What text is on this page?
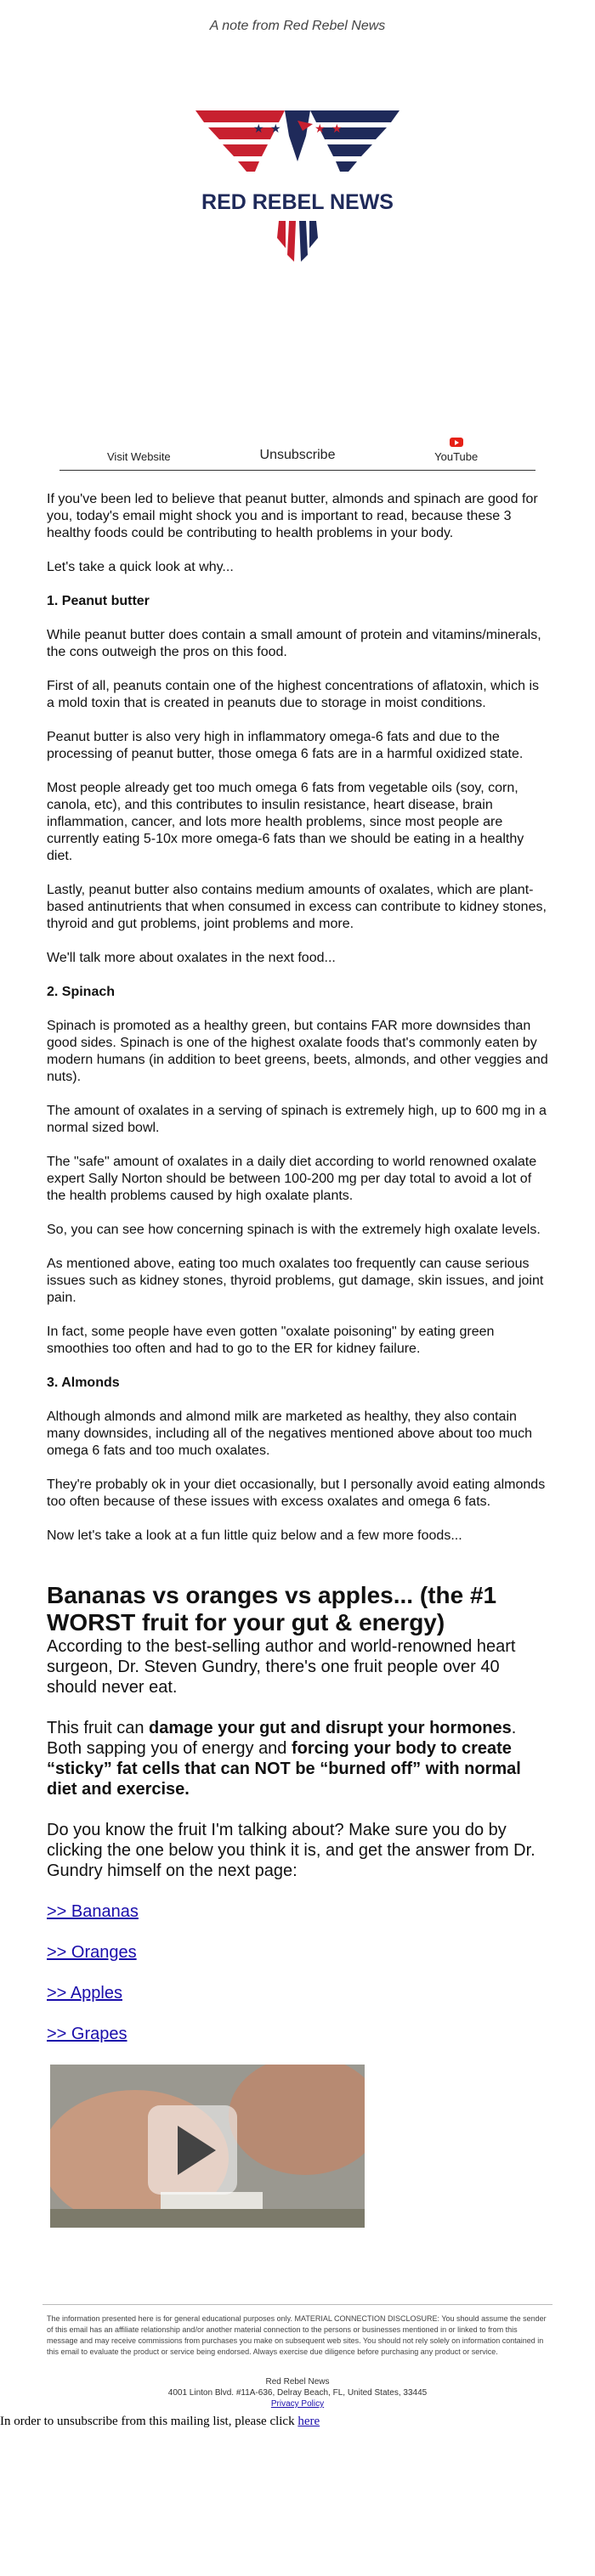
A note from Red Rebel News
★ ★	★ ★
RED REBEL NEWS
Visit Website	Unsubscribe	YouTube

If you've been led to believe that peanut butter, almonds and spinach are good for you, today's email might shock you and is important to read, because these 3 healthy foods could be contributing to health problems in your body.

Let's take a quick look at why...

1. Peanut butter

While peanut butter does contain a small amount of protein and vitamins/minerals, the cons outweigh the pros on this food.

First of all, peanuts contain one of the highest concentrations of aflatoxin, which is a mold toxin that is created in peanuts due to storage in moist conditions.

Peanut butter is also very high in inflammatory omega-6 fats and due to the processing of peanut butter, those omega 6 fats are in a harmful oxidized state.

Most people already get too much omega 6 fats from vegetable oils (soy, corn, canola, etc), and this contributes to insulin resistance, heart disease, brain inflammation, cancer, and lots more health problems, since most people are currently eating 5-10x more omega-6 fats than we should be eating in a healthy diet.

Lastly, peanut butter also contains medium amounts of oxalates, which are plant-based antinutrients that when consumed in excess can contribute to kidney stones, thyroid and gut problems, joint problems and more.

We'll talk more about oxalates in the next food...

2. Spinach

Spinach is promoted as a healthy green, but contains FAR more downsides than good sides. Spinach is one of the highest oxalate foods that's commonly eaten by modern humans (in addition to beet greens, beets, almonds, and other veggies and nuts).

The amount of oxalates in a serving of spinach is extremely high, up to 600 mg in a normal sized bowl.

The "safe" amount of oxalates in a daily diet according to world renowned oxalate expert Sally Norton should be between 100-200 mg per day total to avoid a lot of the health problems caused by high oxalate plants.

So, you can see how concerning spinach is with the extremely high oxalate levels.

As mentioned above, eating too much oxalates too frequently can cause serious issues such as kidney stones, thyroid problems, gut damage, skin issues, and joint pain.

In fact, some people have even gotten "oxalate poisoning" by eating green smoothies too often and had to go to the ER for kidney failure.

3. Almonds

Although almonds and almond milk are marketed as healthy, they also contain many downsides, including all of the negatives mentioned above about too much omega 6 fats and too much oxalates.

They're probably ok in your diet occasionally, but I personally avoid eating almonds too often because of these issues with excess oxalates and omega 6 fats.

Now let's take a look at a fun little quiz below and a few more foods...

Bananas vs oranges vs apples... (the #1 WORST fruit for your gut & energy)

According to the best-selling author and world-renowned heart surgeon, Dr. Steven Gundry, there's one fruit people over 40 should never eat.

This fruit can damage your gut and disrupt your hormones. Both sapping you of energy and forcing your body to create “sticky” fat cells that can NOT be “burned off” with normal diet and exercise.

Do you know the fruit I'm talking about? Make sure you do by clicking the one below you think it is, and get the answer from Dr. Gundry himself on the next page:

>> Bananas

>> Oranges

>> Apples

>> Grapes

The information presented here is for general educational purposes only. MATERIAL CONNECTION DISCLOSURE: You should assume the sender of this email has an affiliate relationship and/or another material connection to the persons or businesses mentioned in or linked to from this message and may receive commissions from purchases you make on subsequent web sites. You should not rely solely on information contained in this email to evaluate the product or service being endorsed. Always exercise due diligence before purchasing any product or service.
Red Rebel News
4001 Linton Blvd. #11A-636, Delray Beach, FL, United States, 33445
Privacy Policy
In order to unsubscribe from this mailing list, please click here
